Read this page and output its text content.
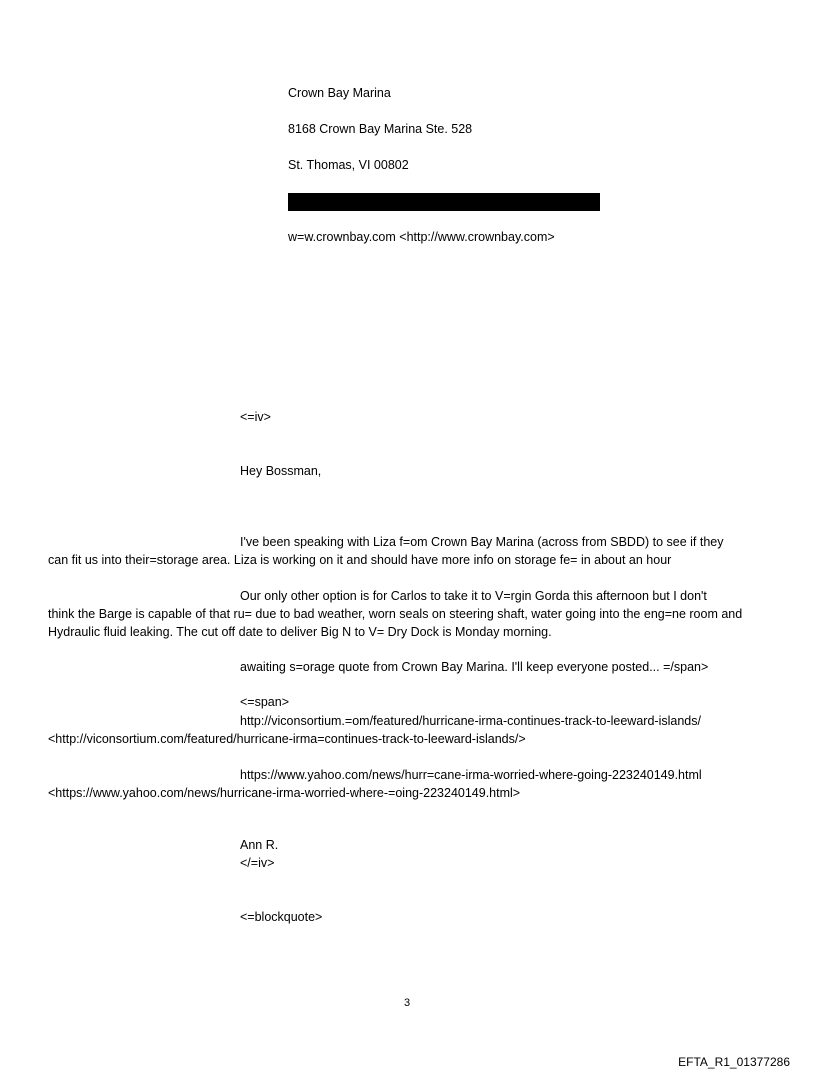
Crown Bay Marina
8168 Crown Bay Marina Ste. 528
St. Thomas, VI 00802
w=w.crownbay.com <http://www.crownbay.com>
<=iv>
Hey Bossman,
I've been speaking with Liza f=om Crown Bay Marina (across from SBDD) to see if they
can fit us into their=storage area. Liza is working on it and should have more info on storage fe= in about an hour
Our only other option is for Carlos to take it to V=rgin Gorda this afternoon but I don't
think the Barge is capable of that ru= due to bad weather, worn seals on steering shaft, water going into the eng=ne room and Hydraulic fluid leaking. The cut off date to deliver Big N to V= Dry Dock is Monday morning.
awaiting s=orage quote from Crown Bay Marina. I'll keep everyone posted... =/span>
<=span>
http://viconsortium.=om/featured/hurricane-irma-continues-track-to-leeward-islands/
<http://viconsortium.com/featured/hurricane-irma=continues-track-to-leeward-islands/>
https://www.yahoo.com/news/hurr=cane-irma-worried-where-going-223240149.html
<https://www.yahoo.com/news/hurricane-irma-worried-where-=oing-223240149.html>
Ann R.
</=iv>
<=blockquote>
3
EFTA_R1_01377286
